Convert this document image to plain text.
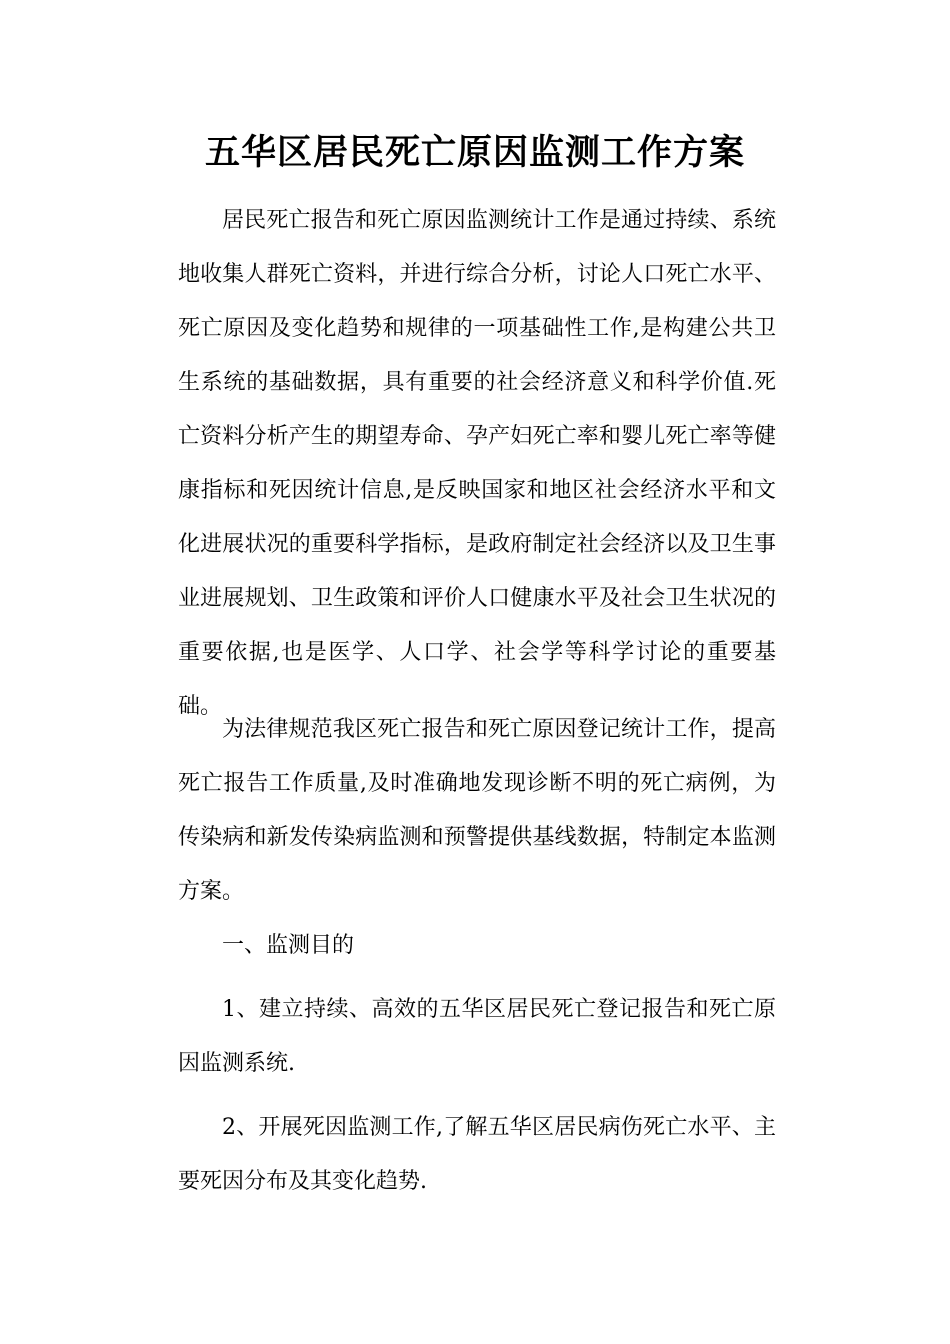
五华区居民死亡原因监测工作方案

居民死亡报告和死亡原因监测统计工作是通过持续、系统地收集人群死亡资料，并进行综合分析，讨论人口死亡水平、死亡原因及变化趋势和规律的一项基础性工作,是构建公共卫生系统的基础数据，具有重要的社会经济意义和科学价值.死亡资料分析产生的期望寿命、孕产妇死亡率和婴儿死亡率等健康指标和死因统计信息,是反映国家和地区社会经济水平和文化进展状况的重要科学指标，是政府制定社会经济以及卫生事业进展规划、卫生政策和评价人口健康水平及社会卫生状况的重要依据,也是医学、人口学、社会学等科学讨论的重要基础。

为法律规范我区死亡报告和死亡原因登记统计工作，提高死亡报告工作质量,及时准确地发现诊断不明的死亡病例，为传染病和新发传染病监测和预警提供基线数据，特制定本监测方案。

一、监测目的

1、建立持续、高效的五华区居民死亡登记报告和死亡原因监测系统.

2、开展死因监测工作,了解五华区居民病伤死亡水平、主要死因分布及其变化趋势.
